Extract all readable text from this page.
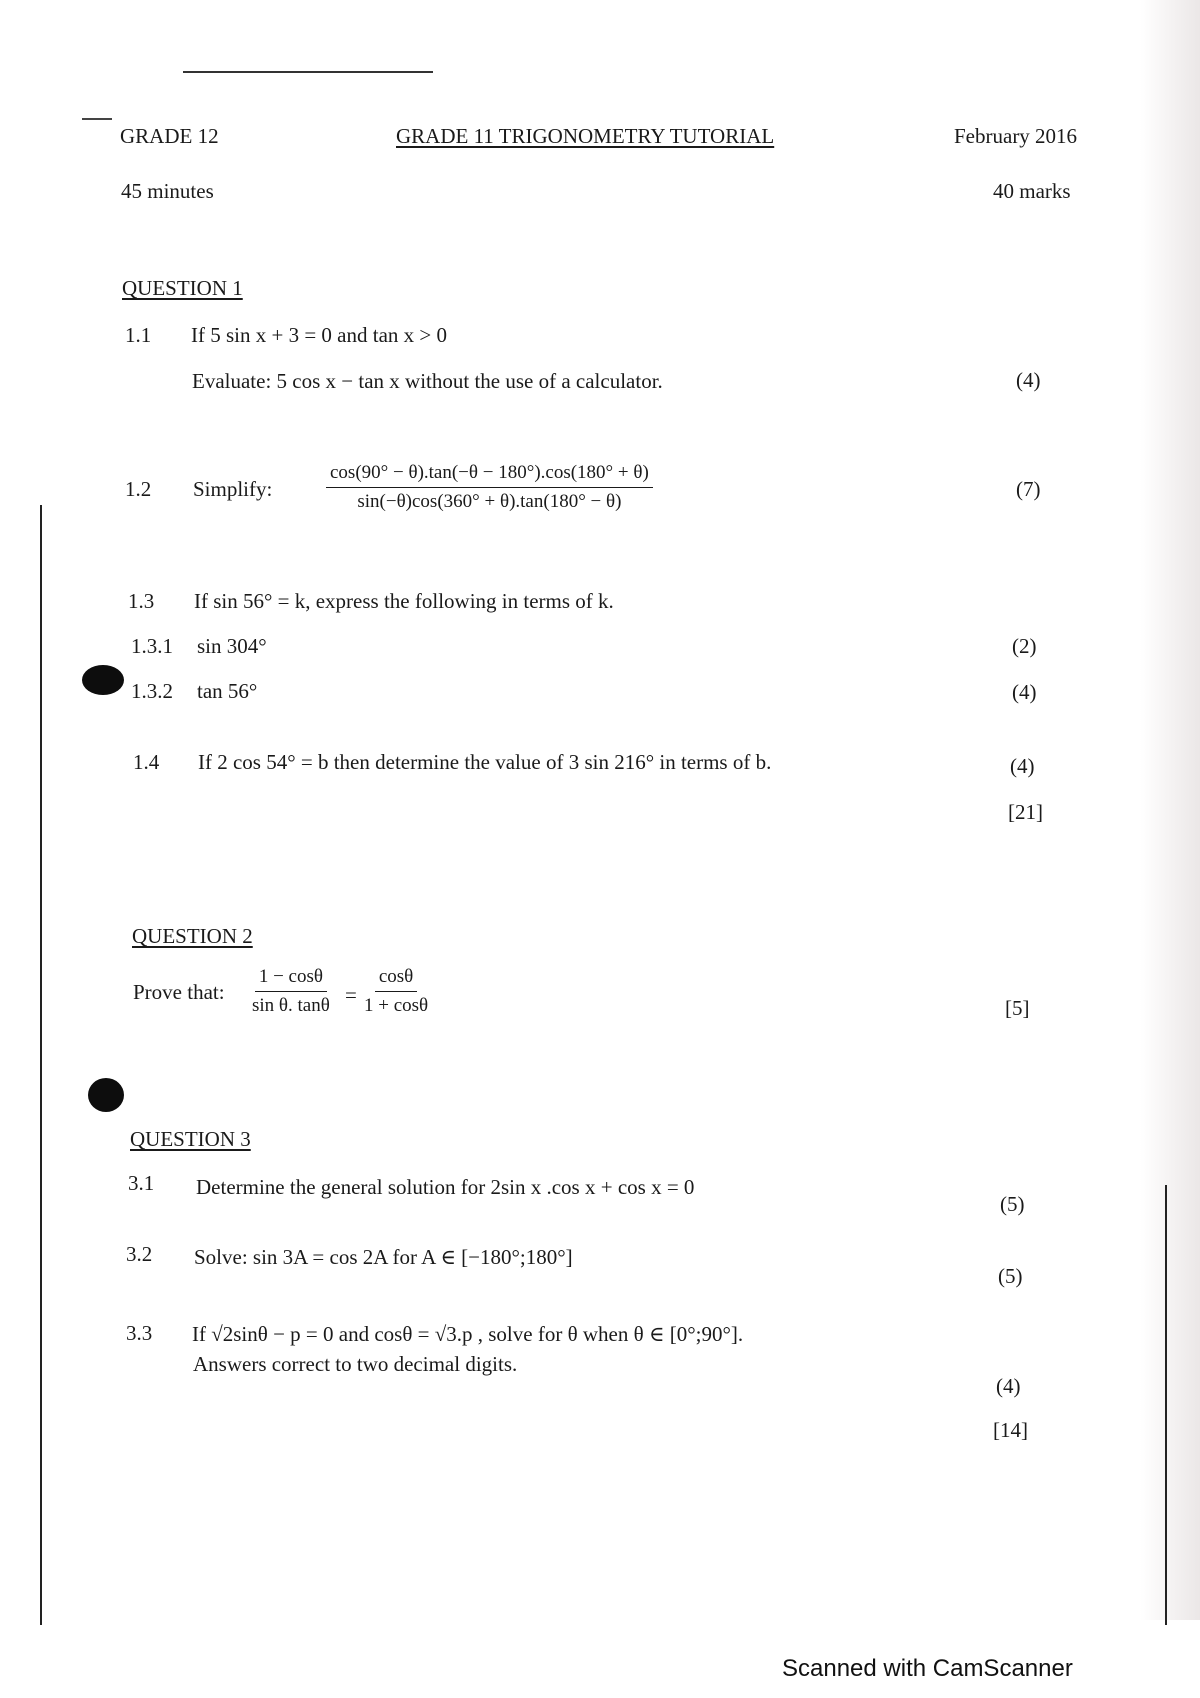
GRADE 12	GRADE 11 TRIGONOMETRY TUTORIAL	February 2016
45 minutes	40 marks
QUESTION 1
1.1 If 5 sin x + 3 = 0 and tan x > 0
Evaluate: 5 cos x − tan x without the use of a calculator.	(4)
1.2 Simplify:	$\frac{\cos(90^\circ - \theta).\tan(-\theta - 180^\circ).\cos(180^\circ + \theta)}{\sin(-\theta)\cos(360^\circ + \theta).\tan(180^\circ - \theta)}$	(7)
1.3 If sin 56° = k, express the following in terms of k.
1.3.1 sin 304°	(2)
1.3.2 tan 56°	(4)
1.4 If 2 cos 54° = b then determine the value of 3 sin 216° in terms of b.	(4)
[21]
QUESTION 2
Prove that: $\frac{1 - \cos\theta}{\text{sin θ. tanθ}} = \frac{\cos\theta}{1 + \cos\theta}$	[5]
QUESTION 3
3.1 Determine the general solution for 2sin x .cos x + cos x = 0
(5)
3.2 Solve: sin 3A = cos 2A for A ∈ [−180°;180°]
(5)
3.3 If √2sinθ − p = 0 and cosθ = √3.p , solve for θ when θ ∈ [0°;90°].
Answers correct to two decimal digits.
(4)
[14]
Scanned with CamScanner
